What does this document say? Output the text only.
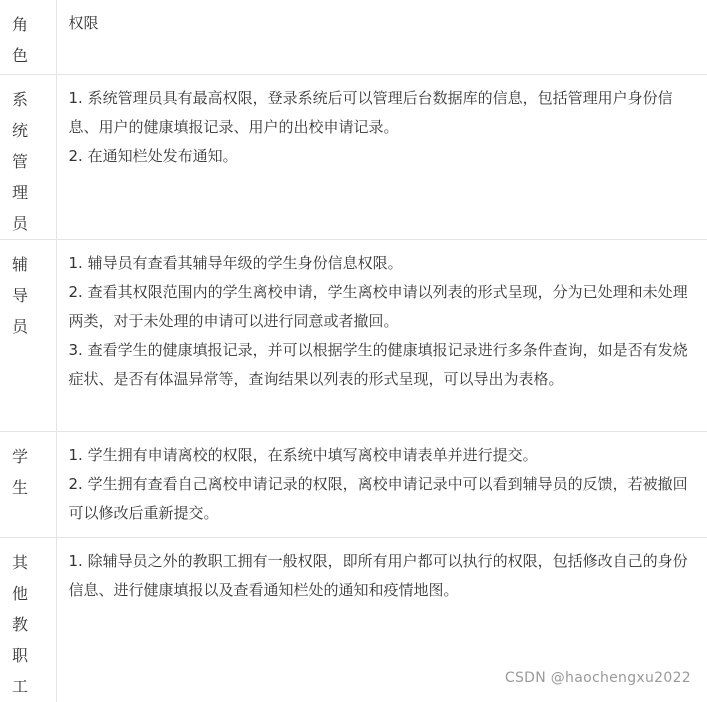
角色	权限

系统管理员	1. 系统管理员具有最高权限，登录系统后可以管理后台数据库的信息，包括管理用户身份信息、用户的健康填报记录、用户的出校申请记录。
2. 在通知栏处发布通知。

辅导员	1. 辅导员有查看其辅导年级的学生身份信息权限。
2. 查看其权限范围内的学生离校申请，学生离校申请以列表的形式呈现，分为已处理和未处理两类，对于未处理的申请可以进行同意或者撤回。
3. 查看学生的健康填报记录，并可以根据学生的健康填报记录进行多条件查询，如是否有发烧症状、是否有体温异常等，查询结果以列表的形式呈现，可以导出为表格。

学生	1. 学生拥有申请离校的权限，在系统中填写离校申请表单并进行提交。
2. 学生拥有查看自己离校申请记录的权限，离校申请记录中可以看到辅导员的反馈，若被撤回可以修改后重新提交。

其他教职工	1. 除辅导员之外的教职工拥有一般权限，即所有用户都可以执行的权限，包括修改自己的身份信息、进行健康填报以及查看通知栏处的通知和疫情地图。
CSDN @haochengxu2022
